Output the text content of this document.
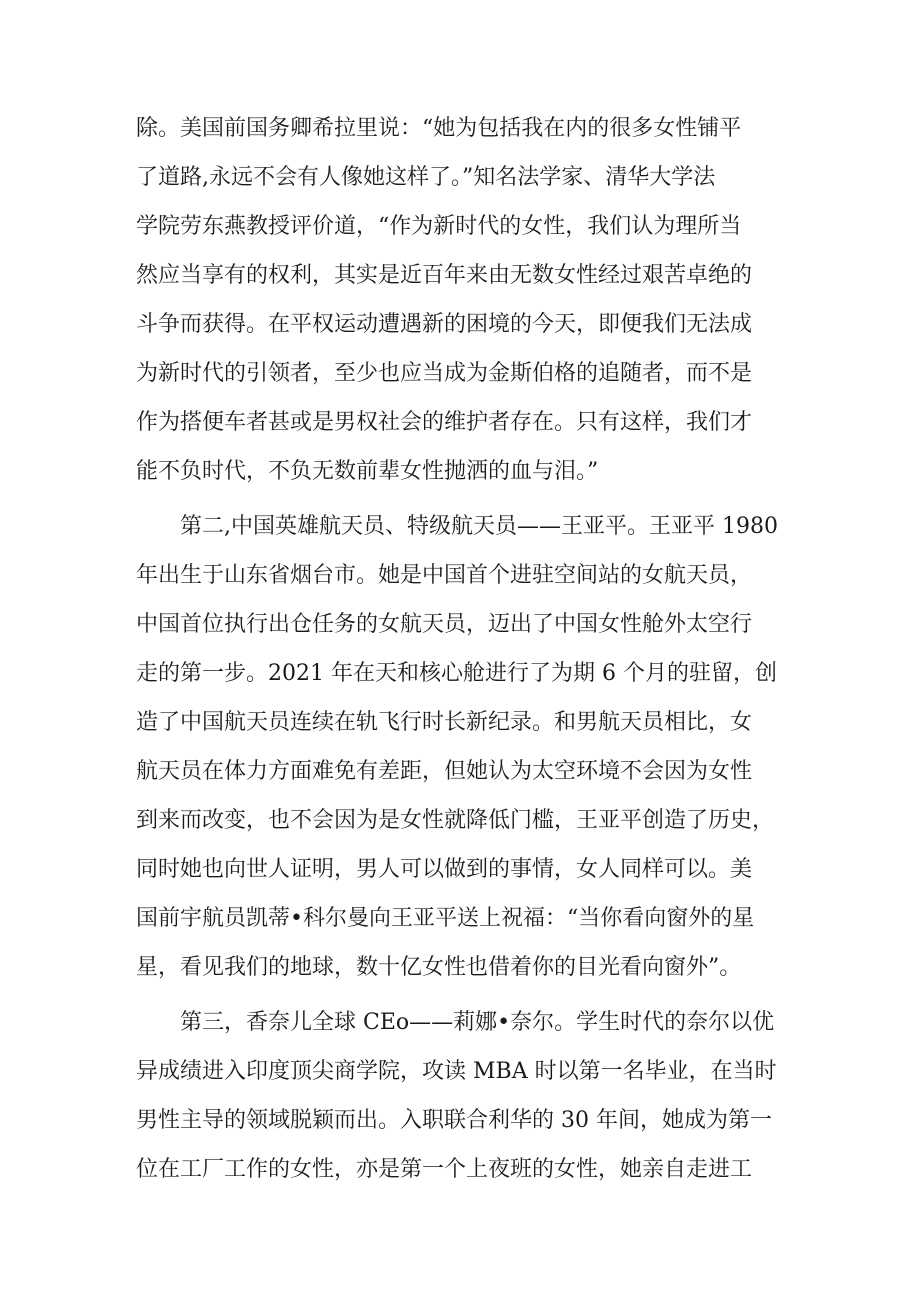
除。美国前国务卿希拉里说：“她为包括我在内的很多女性铺平
了道路,永远不会有人像她这样了。”知名法学家、清华大学法
学院劳东燕教授评价道，“作为新时代的女性，我们认为理所当
然应当享有的权利，其实是近百年来由无数女性经过艰苦卓绝的
斗争而获得。在平权运动遭遇新的困境的今天，即便我们无法成
为新时代的引领者，至少也应当成为金斯伯格的追随者，而不是
作为搭便车者甚或是男权社会的维护者存在。只有这样，我们才
能不负时代，不负无数前辈女性抛洒的血与泪。”

第二,中国英雄航天员、特级航天员——王亚平。王亚平 1980
年出生于山东省烟台市。她是中国首个进驻空间站的女航天员，
中国首位执行出仓任务的女航天员，迈出了中国女性舱外太空行
走的第一步。2021 年在天和核心舱进行了为期 6 个月的驻留，创
造了中国航天员连续在轨飞行时长新纪录。和男航天员相比，女
航天员在体力方面难免有差距，但她认为太空环境不会因为女性
到来而改变，也不会因为是女性就降低门槛，王亚平创造了历史，
同时她也向世人证明，男人可以做到的事情，女人同样可以。美
国前宇航员凯蒂•科尔曼向王亚平送上祝福：“当你看向窗外的星
星，看见我们的地球，数十亿女性也借着你的目光看向窗外”。

第三，香奈儿全球 CEo——莉娜•奈尔。学生时代的奈尔以优
异成绩进入印度顶尖商学院，攻读 MBA 时以第一名毕业，在当时
男性主导的领域脱颖而出。入职联合利华的 30 年间，她成为第一
位在工厂工作的女性，亦是第一个上夜班的女性，她亲自走进工
